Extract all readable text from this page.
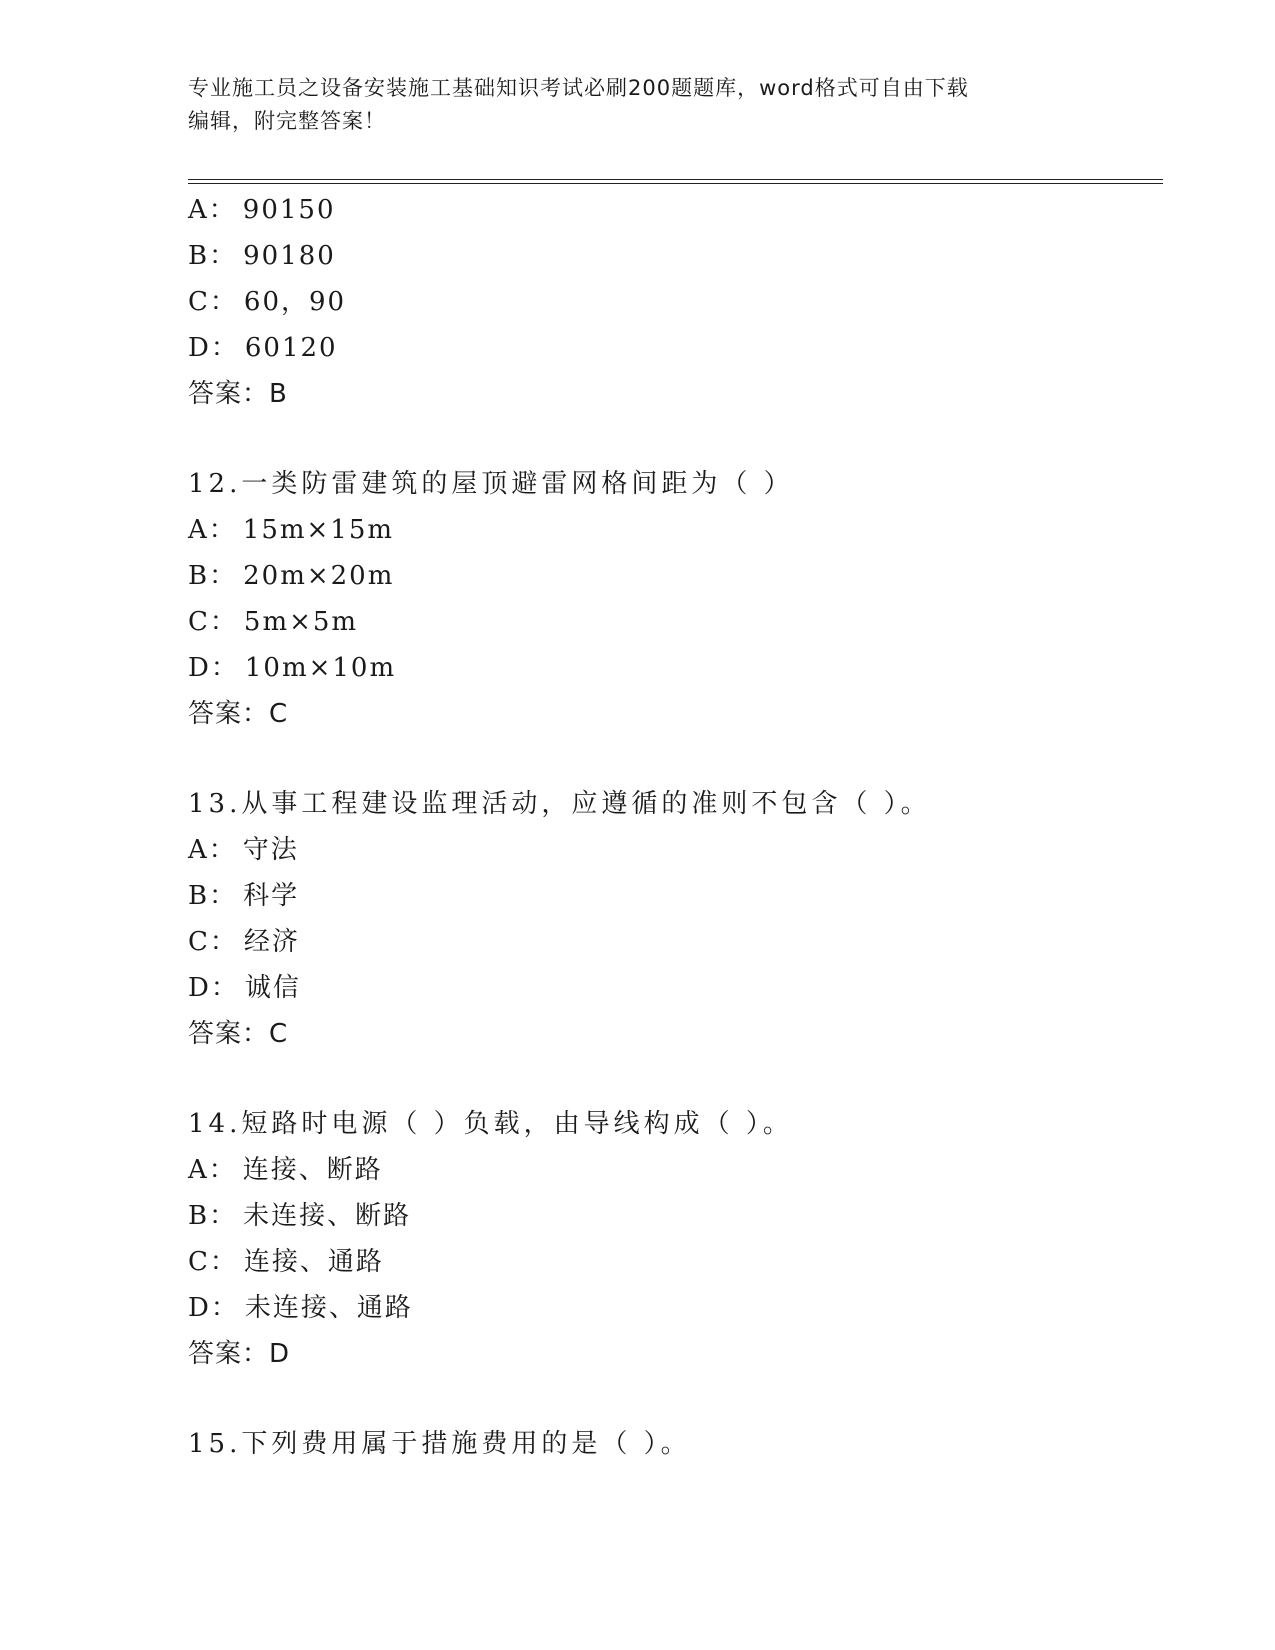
专业施工员之设备安装施工基础知识考试必刷200题题库，word格式可自由下载
编辑，附完整答案！
A： 90150
B： 90180
C： 60，90
D： 60120
答案：B
12.一类防雷建筑的屋顶避雷网格间距为（ ）
A： 15m×15m
B： 20m×20m
C： 5m×5m
D： 10m×10m
答案：C
13.从事工程建设监理活动，应遵循的准则不包含（ ）。
A： 守法
B： 科学
C： 经济
D： 诚信
答案：C
14.短路时电源（ ）负载，由导线构成（ ）。
A： 连接、断路
B： 未连接、断路
C： 连接、通路
D： 未连接、通路
答案：D
15.下列费用属于措施费用的是（ ）。
